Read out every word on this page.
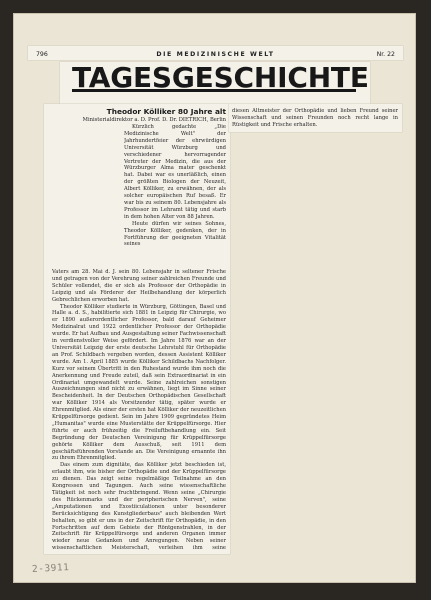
796	DIE MEDIZINISCHE WELT	Nr. 22
TAGESGESCHICHTE
Theodor Kölliker 80 Jahre alt
Ministerialdirektor a. D. Prof. D. Dr. DIETRICH, Berlin

Kürzlich gedachte „Die Medizinische Welt" der Jahrhundertfeier der ehrwürdigen Universität Würzburg und verschiedener hervorragender Vertreter der Medizin, die aus der Würzburger Alma mater geschenkt hat. Dabei war es unerläßlich, einen der größten Biologen der Neuzeit, Albert Kölliker, zu erwähnen, der als solcher europäischen Ruf besaß. Er war bis zu seinem 80. Lebensjahre als Professor im Lehramt tätig und starb in dem hohen Alter von 88 Jahren.

Heute dürfen wir seines Sohnes, Theodor Kölliker, gedenken, der in Fortführung der geeigneten Vitalität seines

Vaters am 28. Mai d. J. sein 80. Lebensjahr in seltener Frische und getragen von der Verehrung seiner zahlreichen Freunde und Schüler vollendet, die er sich als Professor der Orthopädie in Leipzig und als Förderer der Heilbehandlung der körperlich Gebrechlichen erworben hat.

Theodor Kölliker studierte in Würzburg, Göttingen, Basel und Halle a. d. S., habilitierte sich 1881 in Leipzig für Chirurgie, wo er 1890 außerordentlicher Professor, bald darauf Geheimer Medizinalrat und 1922 ordentlicher Professor der Orthopädie wurde. Er hat Aufbau und Ausgestaltung seiner Fachwissenschaft in verdienstvoller Weise gefördert. Im Jahre 1876 war an der Universität Leipzig der erste deutsche Lehrstuhl für Orthopädie an Prof. Schildbach vergeben worden, dessen Assistent Kölliker wurde. Am 1. April 1885 wurde Kölliker Schildbachs Nachfolger. Kurz vor seinem Übertritt in den Ruhestand wurde ihm noch die Anerkennung und Freude zuteil, daß sein Extraordinariat in ein Ordinariat umgewandelt wurde. Seine zahlreichen sonstigen Auszeichnungen sind nicht zu erwähnen, liegt im Sinne seiner Bescheidenheit. In der Deutschen Orthopädischen Gesellschaft war Kölliker 1914 als Vorsitzender tätig, später wurde er Ehrenmitglied. Als einer der ersten hat Kölliker der neuzeitlichen Krüppelfürsorge gedient. Sein im Jahre 1909 gegründetes Heim „Humanitas" wurde eine Musterstätte der Krüppelfürsorge. Hier führte er auch frühzeitig die Freiluftbehandlung ein. Seit Begründung der Deutschen Vereinigung für Krüppelfürsorge gehörte Kölliker dem Ausschuß, seit 1911 dem geschäftsführenden Vorstande an. Die Vereinigung ernannte ihn zu ihrem Ehrenmitglied.

Das einem zum dignitäte, das Kölliker jetzt beschieden ist, erlaubt ihm, wie bisher der Orthopädie und der Krüppelfürsorge zu dienen. Das zeigt seine regelmäßige Teilnahme an den Kongressen und Tagungen. Auch seine wissenschaftliche Tätigkeit ist noch sehr fruchtbringend. Wenn seine „Chirurgie des Rückenmarks und der peripherischen Nerven", seine „Amputationen und Exostiiculationen unter besonderer Berücksichtigung des Kunstgliederbaus" auch bleibenden Wert behalten, so gibt er uns in der Zeitschrift für Orthopädie, in den Fortschritten auf dem Gebiete der Röntgenstrahlen, in der Zeitschrift für Krüppelfürsorge und anderen Organen immer wieder neue Gedanken und Anregungen. Neben seiner wissenschaftlichen Meisterschaft, verleihen ihm seine

diesen Altmeister der Orthopädie und lieben Freund seiner Wissenschaft und seinen Freunden noch recht lange in Rüstigkeit und Frische erhalten.
2-3911
